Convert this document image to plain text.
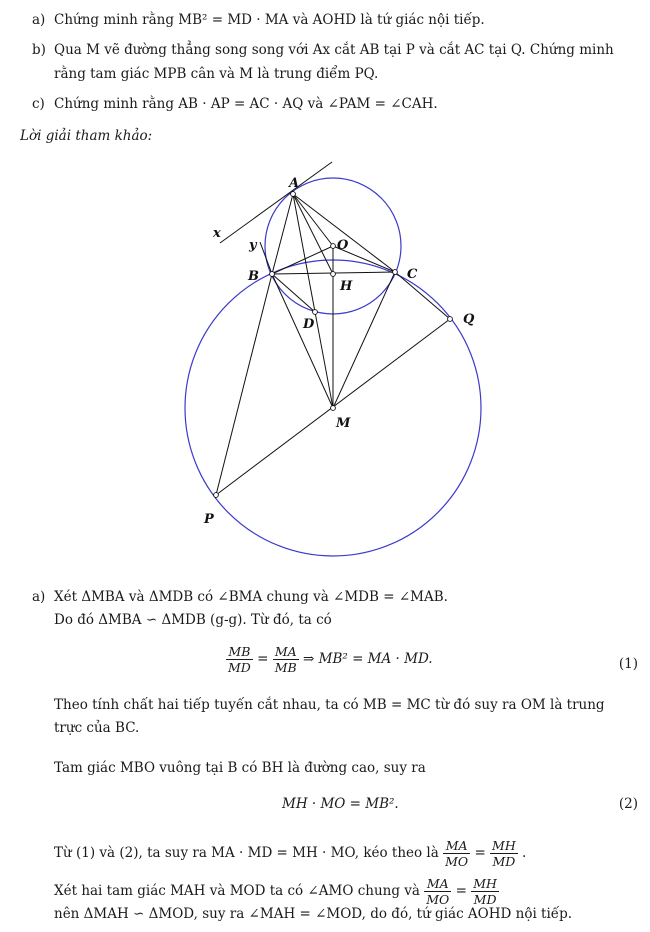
a) Chứng minh rằng MB² = MD · MA và AOHD là tứ giác nội tiếp.
b) Qua M vẽ đường thẳng song song với Ax cắt AB tại P và cắt AC tại Q. Chứng minh
rằng tam giác MPB cân và M là trung điểm PQ.
c) Chứng minh rằng AB · AP = AC · AQ và ∠PAM = ∠CAH.
Lời giải tham khảo:
A
B	C
O
H
D
M
P
Q
x
y
a) Xét ΔMBA và ΔMDB có ∠BMA chung và ∠MDB = ∠MAB.
Do đó ΔMBA ∽ ΔMDB (g-g). Từ đó, ta có
$\frac{MB}{MD} = \frac{MA}{MB}$ ⇒ MB² = MA · MD.	(1)
Theo tính chất hai tiếp tuyến cắt nhau, ta có MB = MC từ đó suy ra OM là trung
trực của BC.
Tam giác MBO vuông tại B có BH là đường cao, suy ra
MH · MO = MB².	(2)
Từ (1) và (2), ta suy ra MA · MD = MH · MO, kéo theo là $\frac{MA}{MO} = \frac{MH}{MD}$ .
Xét hai tam giác MAH và MOD ta có ∠AMO chung và $\frac{MA}{MO} = \frac{MH}{MD}$
nên ΔMAH ∽ ΔMOD, suy ra ∠MAH = ∠MOD, do đó, tứ giác AOHD nội tiếp.
